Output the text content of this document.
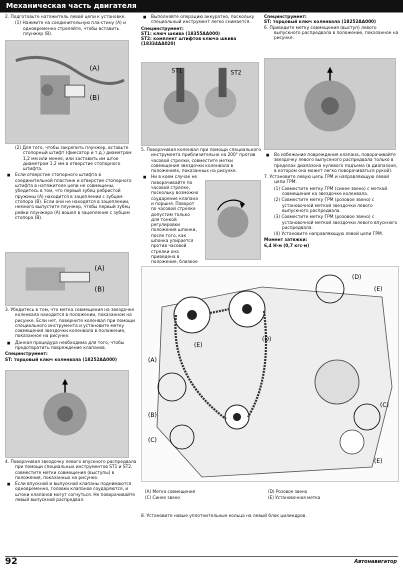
Механическая часть двигателя
2. Подготовьте натяжитель левой цепи к установке.
(1) Нажмите на соединительную пла-стину (А) и одновременно стреляйте, чтобы вставить плунжер (В).
(A)
(B)
(2) Для того, чтобы закрепить плунжер, вставьте стопорный штифт (фиксатор и т.д.) диаметром 1,2 мм или менее, или заставить им шток диаметром 1,2 мм в отверстие стопорного штифта.
■ Если отверстие стопорного штифта в соединительной пластине и отверстие стопорного штифта в натяжителе цепи не совмещены, убедитесь в том, что первый зубец ребристой пружины (А) находится в зацеплении с зубцом стопора (В). Если они не находятся в зацеплении, немного выпустите плунжер, чтобы первый зубец рейки плунжера (А) вошел в зацепление с зубцом стопора (В).
(A)
(B)
3. Убедитесь в том, что метка совмещения на звездочке коленвала находится в положении, показанном на рисунке. Если нет, поверните коленвал при помощи специального инструмента и установите метку совмещения звездочки коленвала в положение, показанное на рисунке.
■ Данная процедура необходима для того, чтобы предотвратить повреждение клапанов.
Специнструмент:
ST: торцовый ключ коленвала (18252АА000)
4. Поворачивая звездочку левого впускного распредвала при помощи специальных инструментов ST1 и ST2, совместите метки совмещения (выступы) в положения, показанных на рисунке.
■ Если впускной и выпускной клапаны поднимаются одновременно, головки клапанов соударяются, и штоки клапанов могут согнуться. Не поворачивайте левый выпускной распредвал.
■ Выполняйте операцию аккуратно, поскольку специальный инструмент легко снимается.
Специнструмент:
ST1: ключ шкива (18355АА000)
ST2: комплект штифтов ключа шкива (18334АА020)
ST1	ST2
5. Поворачивая коленвал при помощи специального инструмента приблизительно на 200° против часовой стрелки, совместите метки совмещения звездочки коленвала в положениях, показанных на рисунке.
■ Ни в коем случае не поворачивайте по часовой стрелке, поскольку возможно соударение клапана и поршня. Поворот по часовой стрелке допустим только для тонкой регулировки положения шпонки, после того, как шпонка упирается против часовой стрелки она приведена в положение, близкое
Специнструмент:
ST: торцовый ключ коленвала (18252АА000)
6. Приведите метку совмещения (выступ) левого выпускного распредвала в положение, показанное на рисунке.
■ Во избежание повреждения клапана, поворачивайте звездочку левого выпускного распредвала только в пределах диапазона нулевого подъема (в диапазоне, в котором она может легко поворачиваться рукой).
7. Установите левую цепь ГРМ и направляющую левой цепи ГРМ.
(1) Совместите метку ГРМ (синее звено) с меткой совмещения на звездочке коленвала.
(2) Совместите метку ГРМ (розовое звено) с установочной меткой звездочки левого выпускного распредвала.
(3) Совместите метку ГРМ (розовое звено) с установочной меткой звездочки левого впускного распредвала.
(4) Установите направляющую левой цепи ГРМ.
Момент затяжки:
6,4 Н·м (0,7 кгс·м)
(A)
(B)
(C)
(D)
(E)
(D)
(E)
(C)
(E)
(А) Метка совмещения
(С) Синее звено
(D) Розовое звено
(Е) Установочная метка
8. Установите новые уплотнительные кольца на левый блок цилиндров.
92	Автонавигатор
